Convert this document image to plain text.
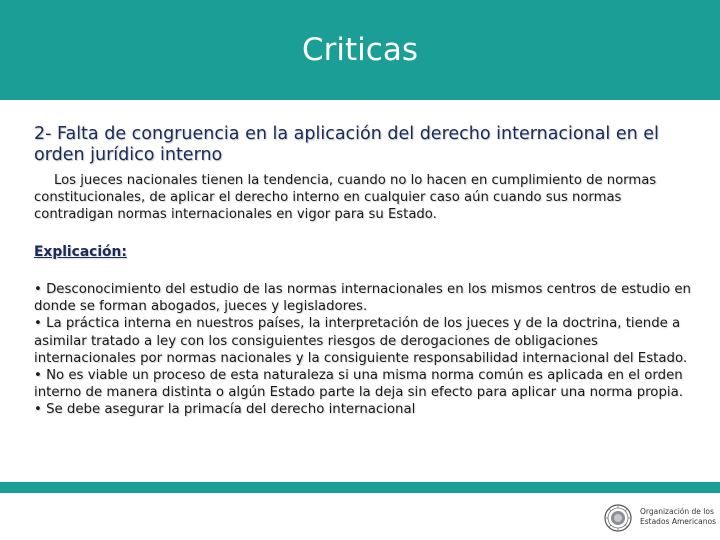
Criticas

2- Falta de congruencia en la aplicación del derecho internacional en el orden jurídico interno

Los jueces nacionales tienen la tendencia, cuando no lo hacen en cumplimiento de normas constitucionales, de aplicar el derecho interno en cualquier caso aún cuando sus normas contradigan normas internacionales en vigor para su Estado.

Explicación:

• Desconocimiento del estudio de las normas internacionales en los mismos centros de estudio en donde se forman abogados, jueces y legisladores.
• La práctica interna en nuestros países, la interpretación de los jueces y de la doctrina, tiende a asimilar tratado a ley con los consiguientes riesgos de derogaciones de obligaciones internacionales por normas nacionales y la consiguiente responsabilidad internacional del Estado.
• No es viable un proceso de esta naturaleza si una misma norma común es aplicada en el orden interno de manera distinta o algún Estado parte la deja sin efecto para aplicar una norma propia.
• Se debe asegurar la primacía del derecho internacional
Organización de los
Estados Americanos
